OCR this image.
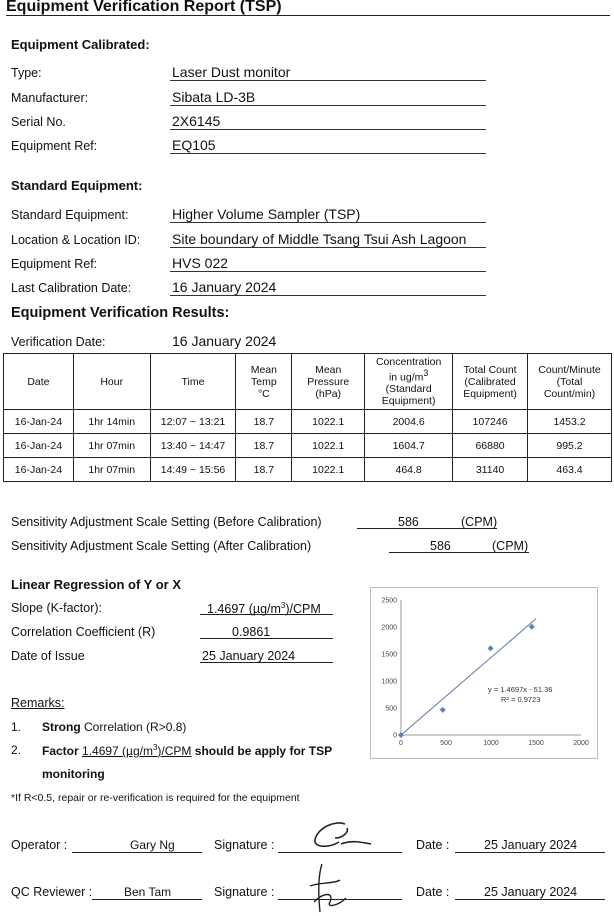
Equipment Verification Report (TSP)
Equipment Calibrated:
Type:	Laser Dust monitor
Manufacturer:	Sibata LD-3B
Serial No.	2X6145
Equipment Ref:	EQ105
Standard Equipment:
Standard Equipment:	Higher Volume Sampler (TSP)
Location & Location ID: Site boundary of Middle Tsang Tsui Ash Lagoon
Equipment Ref:	HVS 022
Last Calibration Date:	16 January 2024
Equipment Verification Results:
Verification Date:	16 January 2024
Date	Hour	Time	Mean
Temp
°C	Mean
Pressure
(hPa)	Concentration
in $ug/m^3$
(Standard
Equipment)	Total Count
(Calibrated
Equipment)	Count/Minute
(Total
Count/min)
16-Jan-24	1hr 14min	12:07 ~ 13:21	18.7	1022.1	2004.6	107246	1453.2
16-Jan-24	1hr 07min	13:40 ~ 14:47	18.7	1022.1	1604.7	66880	995.2
16-Jan-24	1hr 07min	14:49 ~ 15:56	18.7	1022.1	464.8	31140	463.4
Sensitivity Adjustment Scale Setting (Before Calibration)	586	(CPM)
Sensitivity Adjustment Scale Setting (After Calibration)	586	(CPM)
Linear Regression of Y or X
Slope (K-factor):	1.4697 $(\mu g/m^3)$/CPM
Correlation Coefficient (R)	0.9861
Date of Issue	25 January 2024
Remarks:
1. Strong Correlation (R>0.8)
2. Factor 1.4697 $(\mu g/m^3)$/CPM should be apply for TSP
monitoring
*If R<0.5, repair or re-verification is required for the equipment
0	500	1000	1500	2000
0
500
1000
1500
2000
2500
y = 1.4697x - 51.36
R² = 0.9723
Operator :	Gary Ng	Signature :	Date :	25 January 2024
QC Reviewer :	Ben Tam	Signature :	Date :	25 January 2024
